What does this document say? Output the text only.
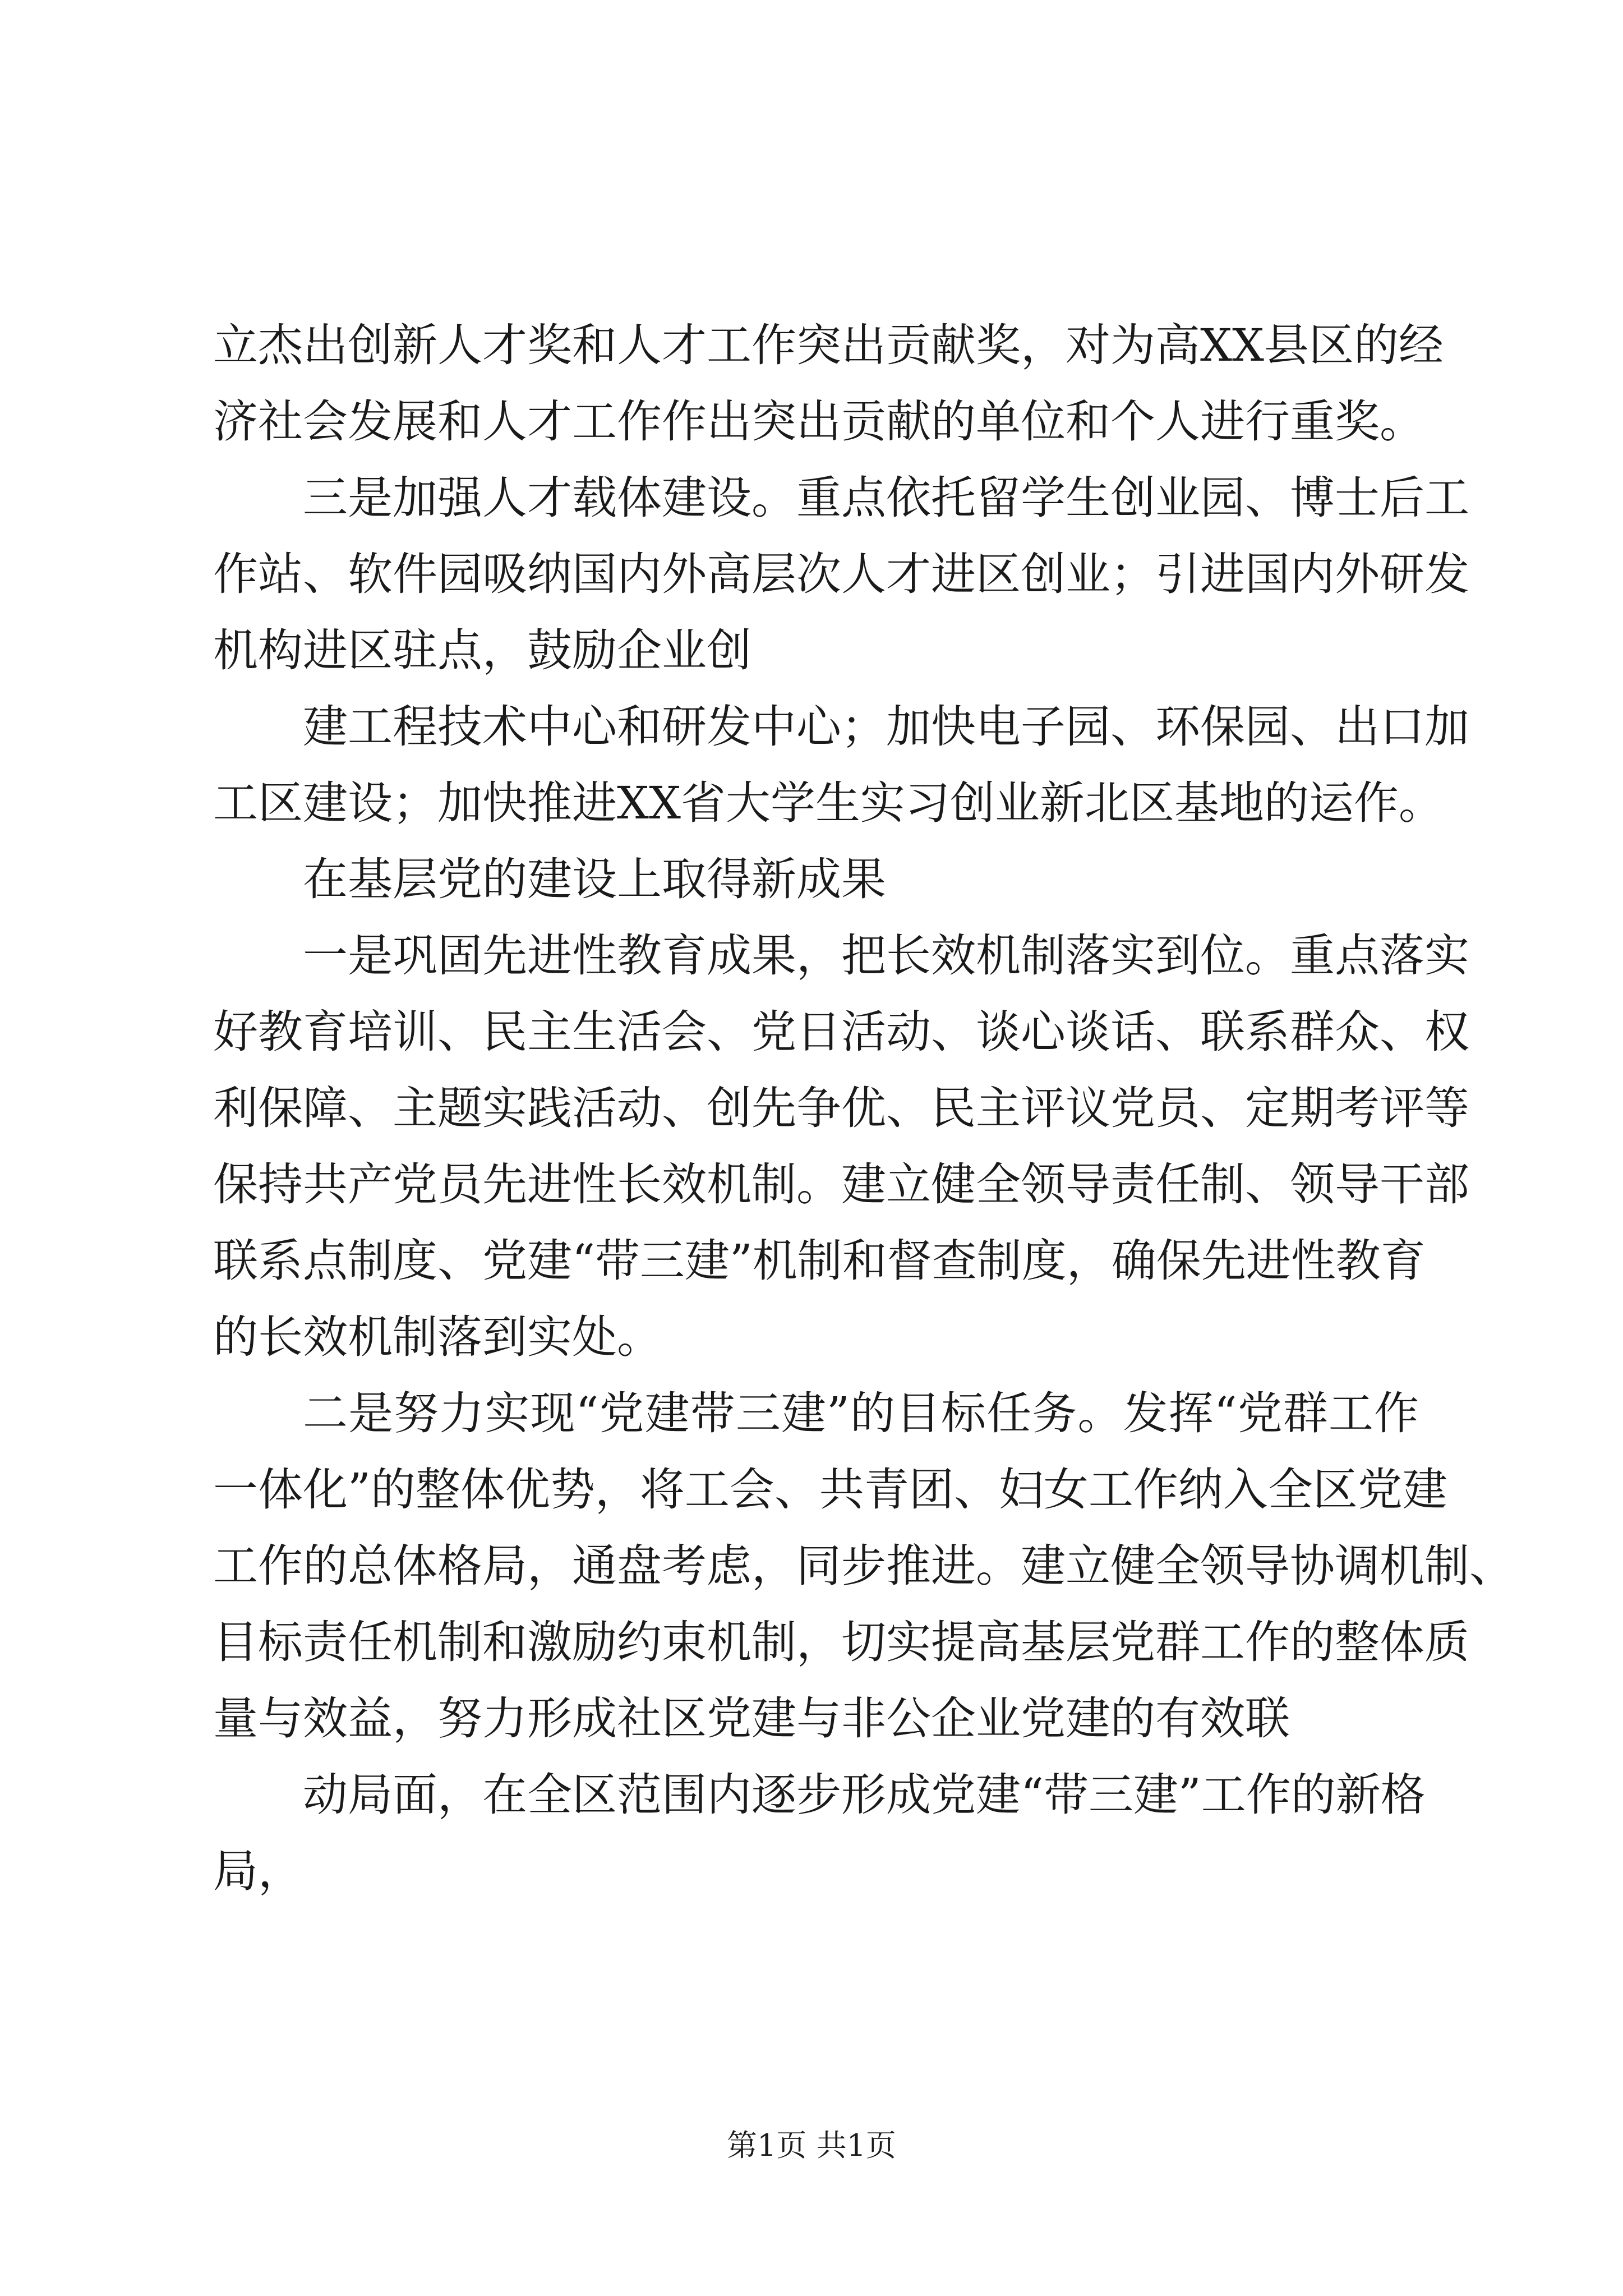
立杰出创新人才奖和人才工作突出贡献奖，对为高XX县区的经
济社会发展和人才工作作出突出贡献的单位和个人进行重奖。
三是加强人才载体建设。重点依托留学生创业园、博士后工
作站、软件园吸纳国内外高层次人才进区创业；引进国内外研发
机构进区驻点，鼓励企业创
建工程技术中心和研发中心；加快电子园、环保园、出口加
工区建设；加快推进XX省大学生实习创业新北区基地的运作。
在基层党的建设上取得新成果
一是巩固先进性教育成果，把长效机制落实到位。重点落实
好教育培训、民主生活会、党日活动、谈心谈话、联系群众、权
利保障、主题实践活动、创先争优、民主评议党员、定期考评等
保持共产党员先进性长效机制。建立健全领导责任制、领导干部
联系点制度、党建“带三建”机制和督查制度，确保先进性教育
的长效机制落到实处。
二是努力实现“党建带三建”的目标任务。发挥“党群工作
一体化”的整体优势，将工会、共青团、妇女工作纳入全区党建
工作的总体格局，通盘考虑，同步推进。建立健全领导协调机制、
目标责任机制和激励约束机制，切实提高基层党群工作的整体质
量与效益，努力形成社区党建与非公企业党建的有效联
动局面，在全区范围内逐步形成党建“带三建”工作的新格
局，
第1页 共1页
